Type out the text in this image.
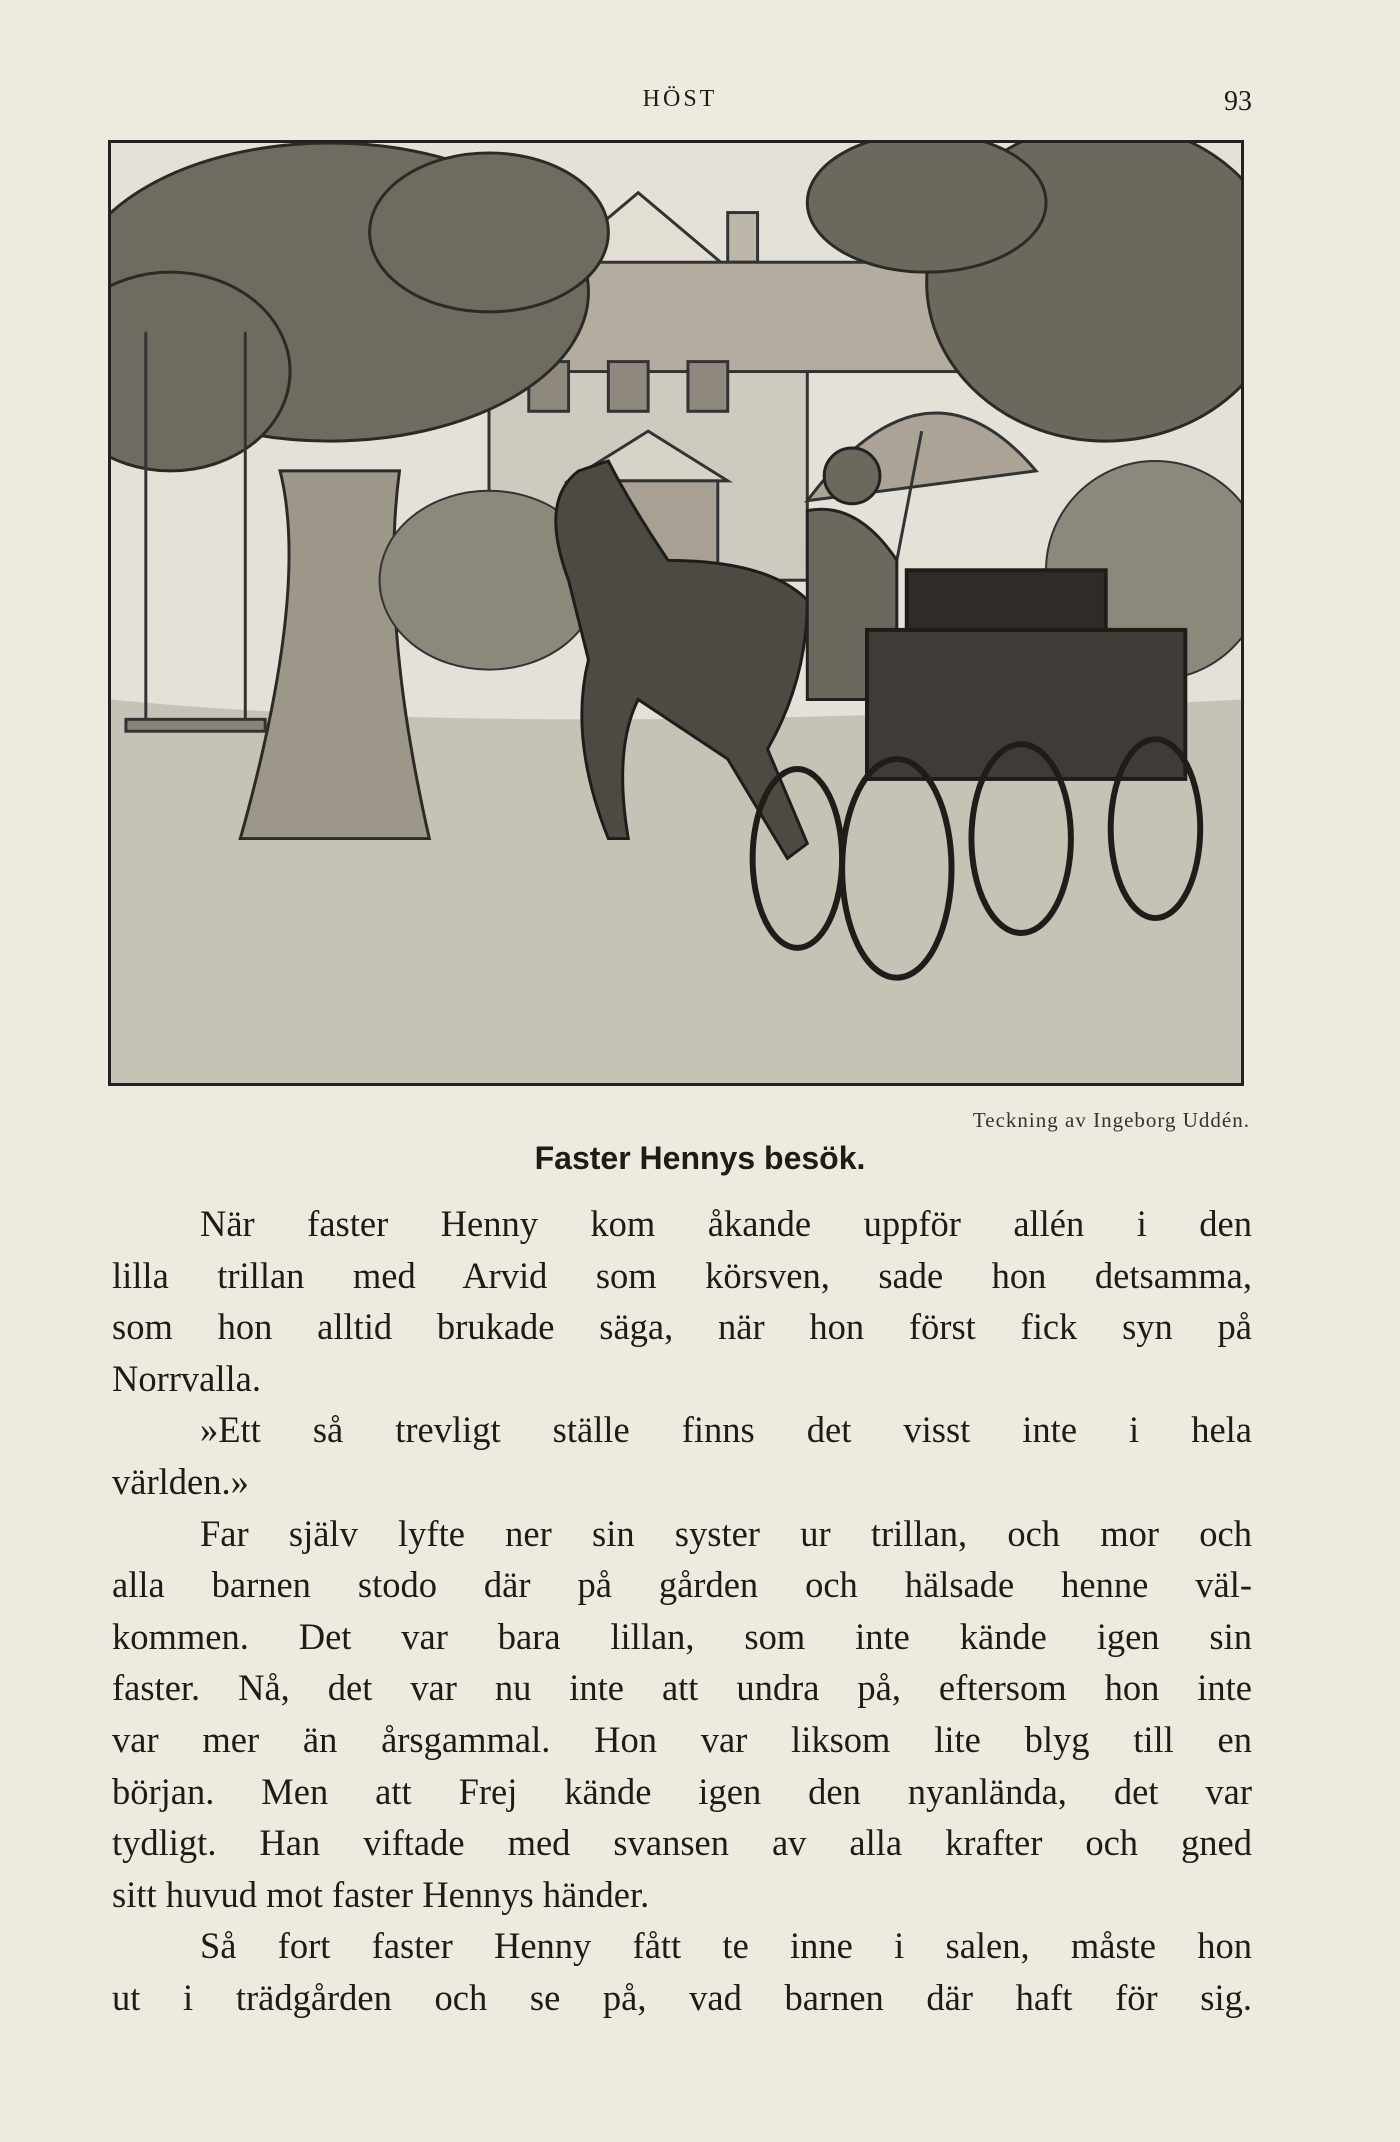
HÖST	93
Teckning av Ingeborg Uddén.
Faster Hennys besök.
När faster Henny kom åkande uppför allén i den
lilla trillan med Arvid som körsven, sade hon detsamma,
som hon alltid brukade säga, när hon först fick syn på
Norrvalla.
»Ett så trevligt ställe finns det visst inte i hela
världen.»
Far själv lyfte ner sin syster ur trillan, och mor och
alla barnen stodo där på gården och hälsade henne väl-
kommen. Det var bara lillan, som inte kände igen sin
faster. Nå, det var nu inte att undra på, eftersom hon inte
var mer än årsgammal. Hon var liksom lite blyg till en
början. Men att Frej kände igen den nyanlända, det var
tydligt. Han viftade med svansen av alla krafter och gned
sitt huvud mot faster Hennys händer.
Så fort faster Henny fått te inne i salen, måste hon
ut i trädgården och se på, vad barnen där haft för sig.
